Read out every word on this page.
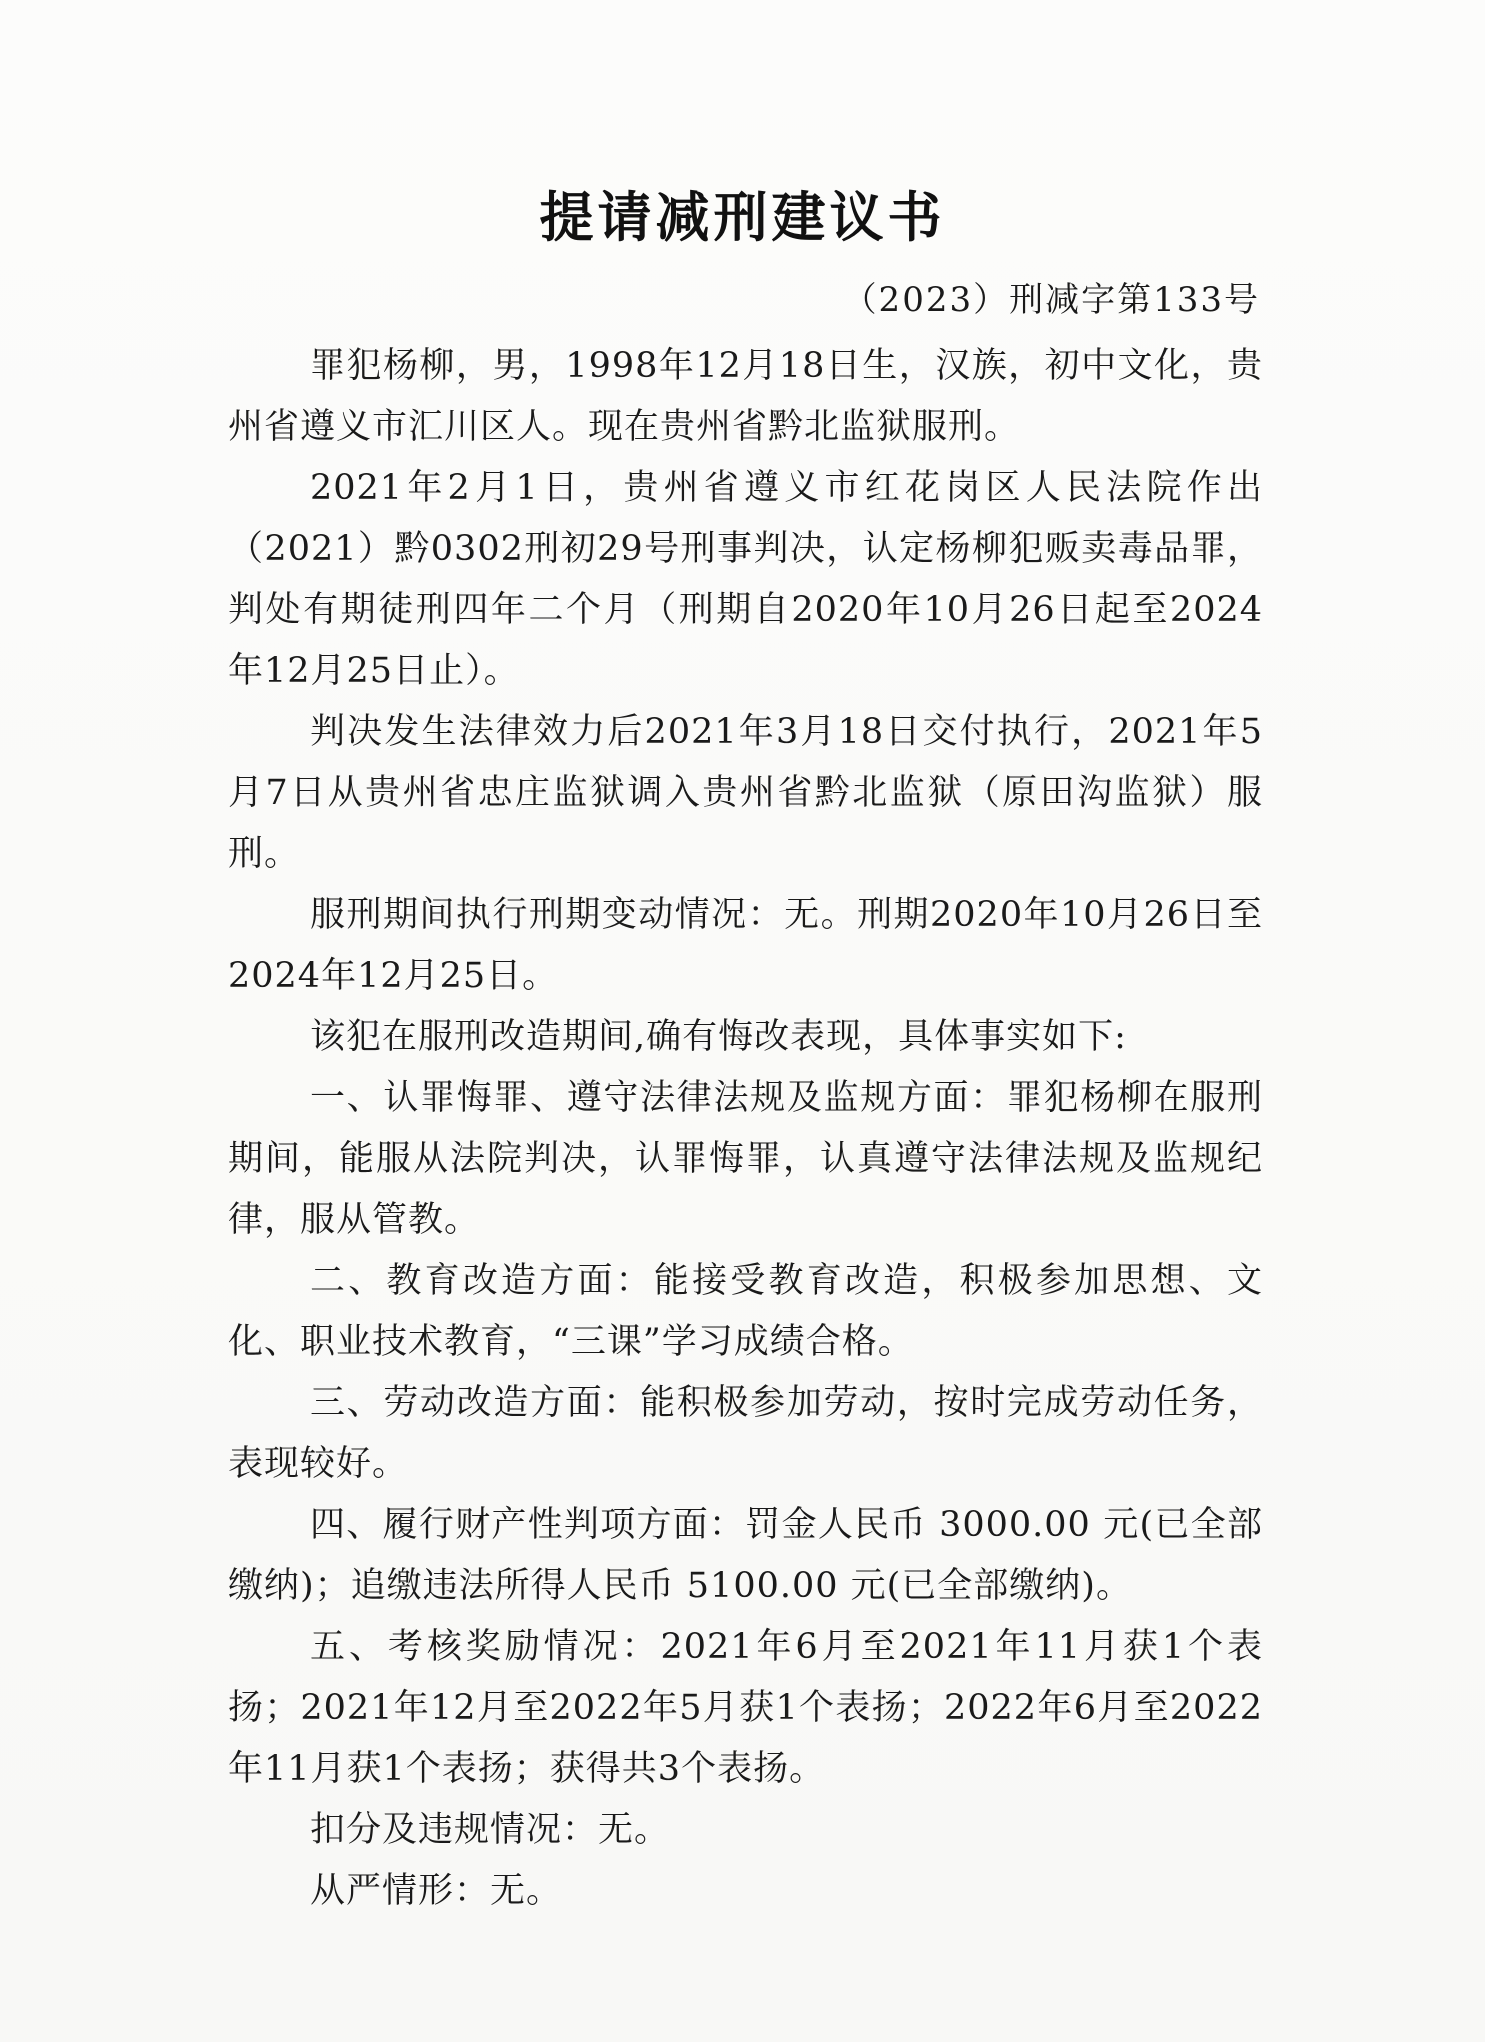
提请减刑建议书
（2023）刑减字第133号

罪犯杨柳，男，1998年12月18日生，汉族，初中文化，贵州省遵义市汇川区人。现在贵州省黔北监狱服刑。

2021年2月1日，贵州省遵义市红花岗区人民法院作出（2021）黔0302刑初29号刑事判决，认定杨柳犯贩卖毒品罪，判处有期徒刑四年二个月（刑期自2020年10月26日起至2024年12月25日止）。

判决发生法律效力后2021年3月18日交付执行，2021年5月7日从贵州省忠庄监狱调入贵州省黔北监狱（原田沟监狱）服刑。

服刑期间执行刑期变动情况：无。刑期2020年10月26日至2024年12月25日。

该犯在服刑改造期间,确有悔改表现，具体事实如下:

一、认罪悔罪、遵守法律法规及监规方面：罪犯杨柳在服刑期间，能服从法院判决，认罪悔罪，认真遵守法律法规及监规纪律，服从管教。

二、教育改造方面：能接受教育改造，积极参加思想、文化、职业技术教育，“三课”学习成绩合格。

三、劳动改造方面：能积极参加劳动，按时完成劳动任务，表现较好。

四、履行财产性判项方面：罚金人民币 3000.00 元(已全部缴纳)；追缴违法所得人民币 5100.00 元(已全部缴纳)。

五、考核奖励情况：2021年6月至2021年11月获1个表扬；2021年12月至2022年5月获1个表扬；2022年6月至2022年11月获1个表扬；获得共3个表扬。

扣分及违规情况：无。

从严情形：无。
